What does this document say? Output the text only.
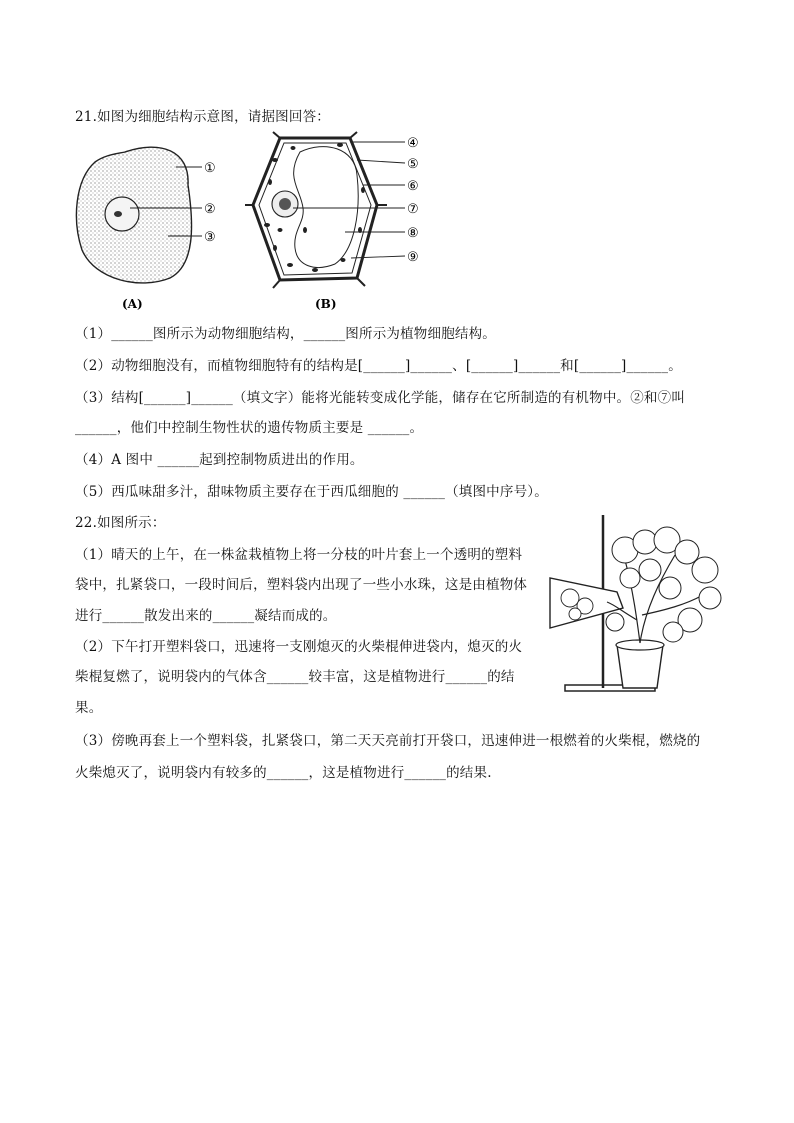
21.如图为细胞结构示意图，请据图回答：
①
②
③
(A)
④
⑤
⑥
⑦
⑧
⑨
(B)
（1）______图所示为动物细胞结构，______图所示为植物细胞结构。
（2）动物细胞没有，而植物细胞特有的结构是[______]______、[______]______和[______]______。
（3）结构[______]______（填文字）能将光能转变成化学能，储存在它所制造的有机物中。②和⑦叫
______，他们中控制生物性状的遗传物质主要是 ______。
（4）A 图中 ______起到控制物质进出的作用。
（5）西瓜味甜多汁，甜味物质主要存在于西瓜细胞的 ______（填图中序号）。
22.如图所示：
（1）晴天的上午，在一株盆栽植物上将一分枝的叶片套上一个透明的塑料
袋中，扎紧袋口，一段时间后，塑料袋内出现了一些小水珠，这是由植物体
进行______散发出来的______凝结而成的。
（2）下午打开塑料袋口，迅速将一支刚熄灭的火柴棍伸进袋内，熄灭的火
柴棍复燃了，说明袋内的气体含______较丰富，这是植物进行______的结
果。
（3）傍晚再套上一个塑料袋，扎紧袋口，第二天天亮前打开袋口，迅速伸进一根燃着的火柴棍，燃烧的
火柴熄灭了，说明袋内有较多的______，这是植物进行______的结果.
